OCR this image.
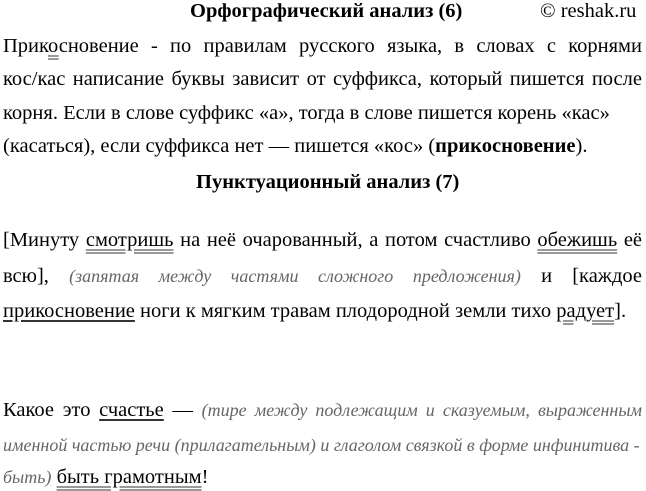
Орфографический анализ (6)	© reshak.ru
Прикосновение - по правилам русского языка, в словах с корнями
кос/кас написание буквы зависит от суффикса, который пишется после
корня. Если в слове суффикс «а», тогда в слове пишется корень «кас»
(касаться), если суффикса нет — пишется «кос» (прикосновение).
Пунктуационный анализ (7)
[Минуту смотришь на неё очарованный, а потом счастливо обежишь её
всю], (запятая между частями сложного предложения) и [каждое
прикосновение ноги к мягким травам плодородной земли тихо радует].
Какое это счастье — (тире между подлежащим и сказуемым, выраженным
именной частью речи (прилагательным) и глаголом связкой в форме инфинитива -
быть) быть грамотным!
